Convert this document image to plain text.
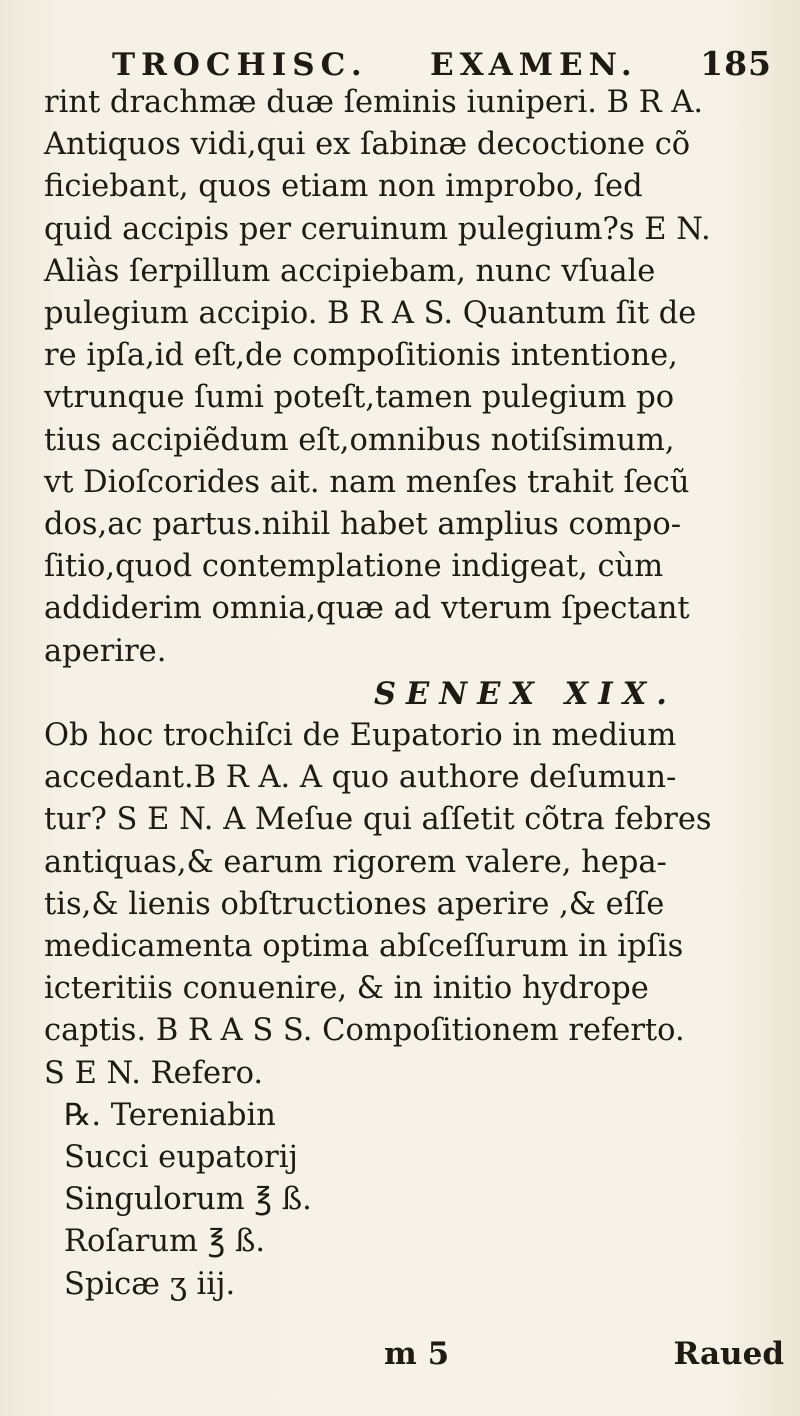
TROCHISC. EXAMEN. 185
rint drachmæ duæ ſeminis iuniperi. B R A.
Antiquos vidi,qui ex ſabinæ decoctione cõ
ficiebant, quos etiam non improbo, ſed
quid accipis per ceruinum pulegium?s E N.
Aliàs ſerpillum accipiebam, nunc vſuale
pulegium accipio. B R A S. Quantum ſit de
re ipſa,id eſt,de compoſitionis intentione,
vtrunque ſumi poteſt,tamen pulegium po
tius accipiẽdum eſt,omnibus notiſsimum,
vt Dioſcorides ait. nam menſes trahit ſecũ
dos,ac partus.nihil habet amplius compo-
ſitio,quod contemplatione indigeat, cùm
addiderim omnia,quæ ad vterum ſpectant
aperire.
SENEX XIX.
Ob hoc trochiſci de Eupatorio in medium
accedant.B R A. A quo authore deſumun-
tur? S E N. A Meſue qui aſſetit cõtra febres
antiquas,& earum rigorem valere, hepa-
tis,& lienis obſtructiones aperire ,& eſſe
medicamenta optima abſceſſurum in ipſis
icteritiis conuenire, & in initio hydrope
captis. B R A S S. Compoſitionem referto.
S E N. Refero.
℞. Tereniabin
Succi eupatorij
Singulorum ℥ ß.
Roſarum ℥ ß.
Spicæ ʒ iij.
m 5	Raued
